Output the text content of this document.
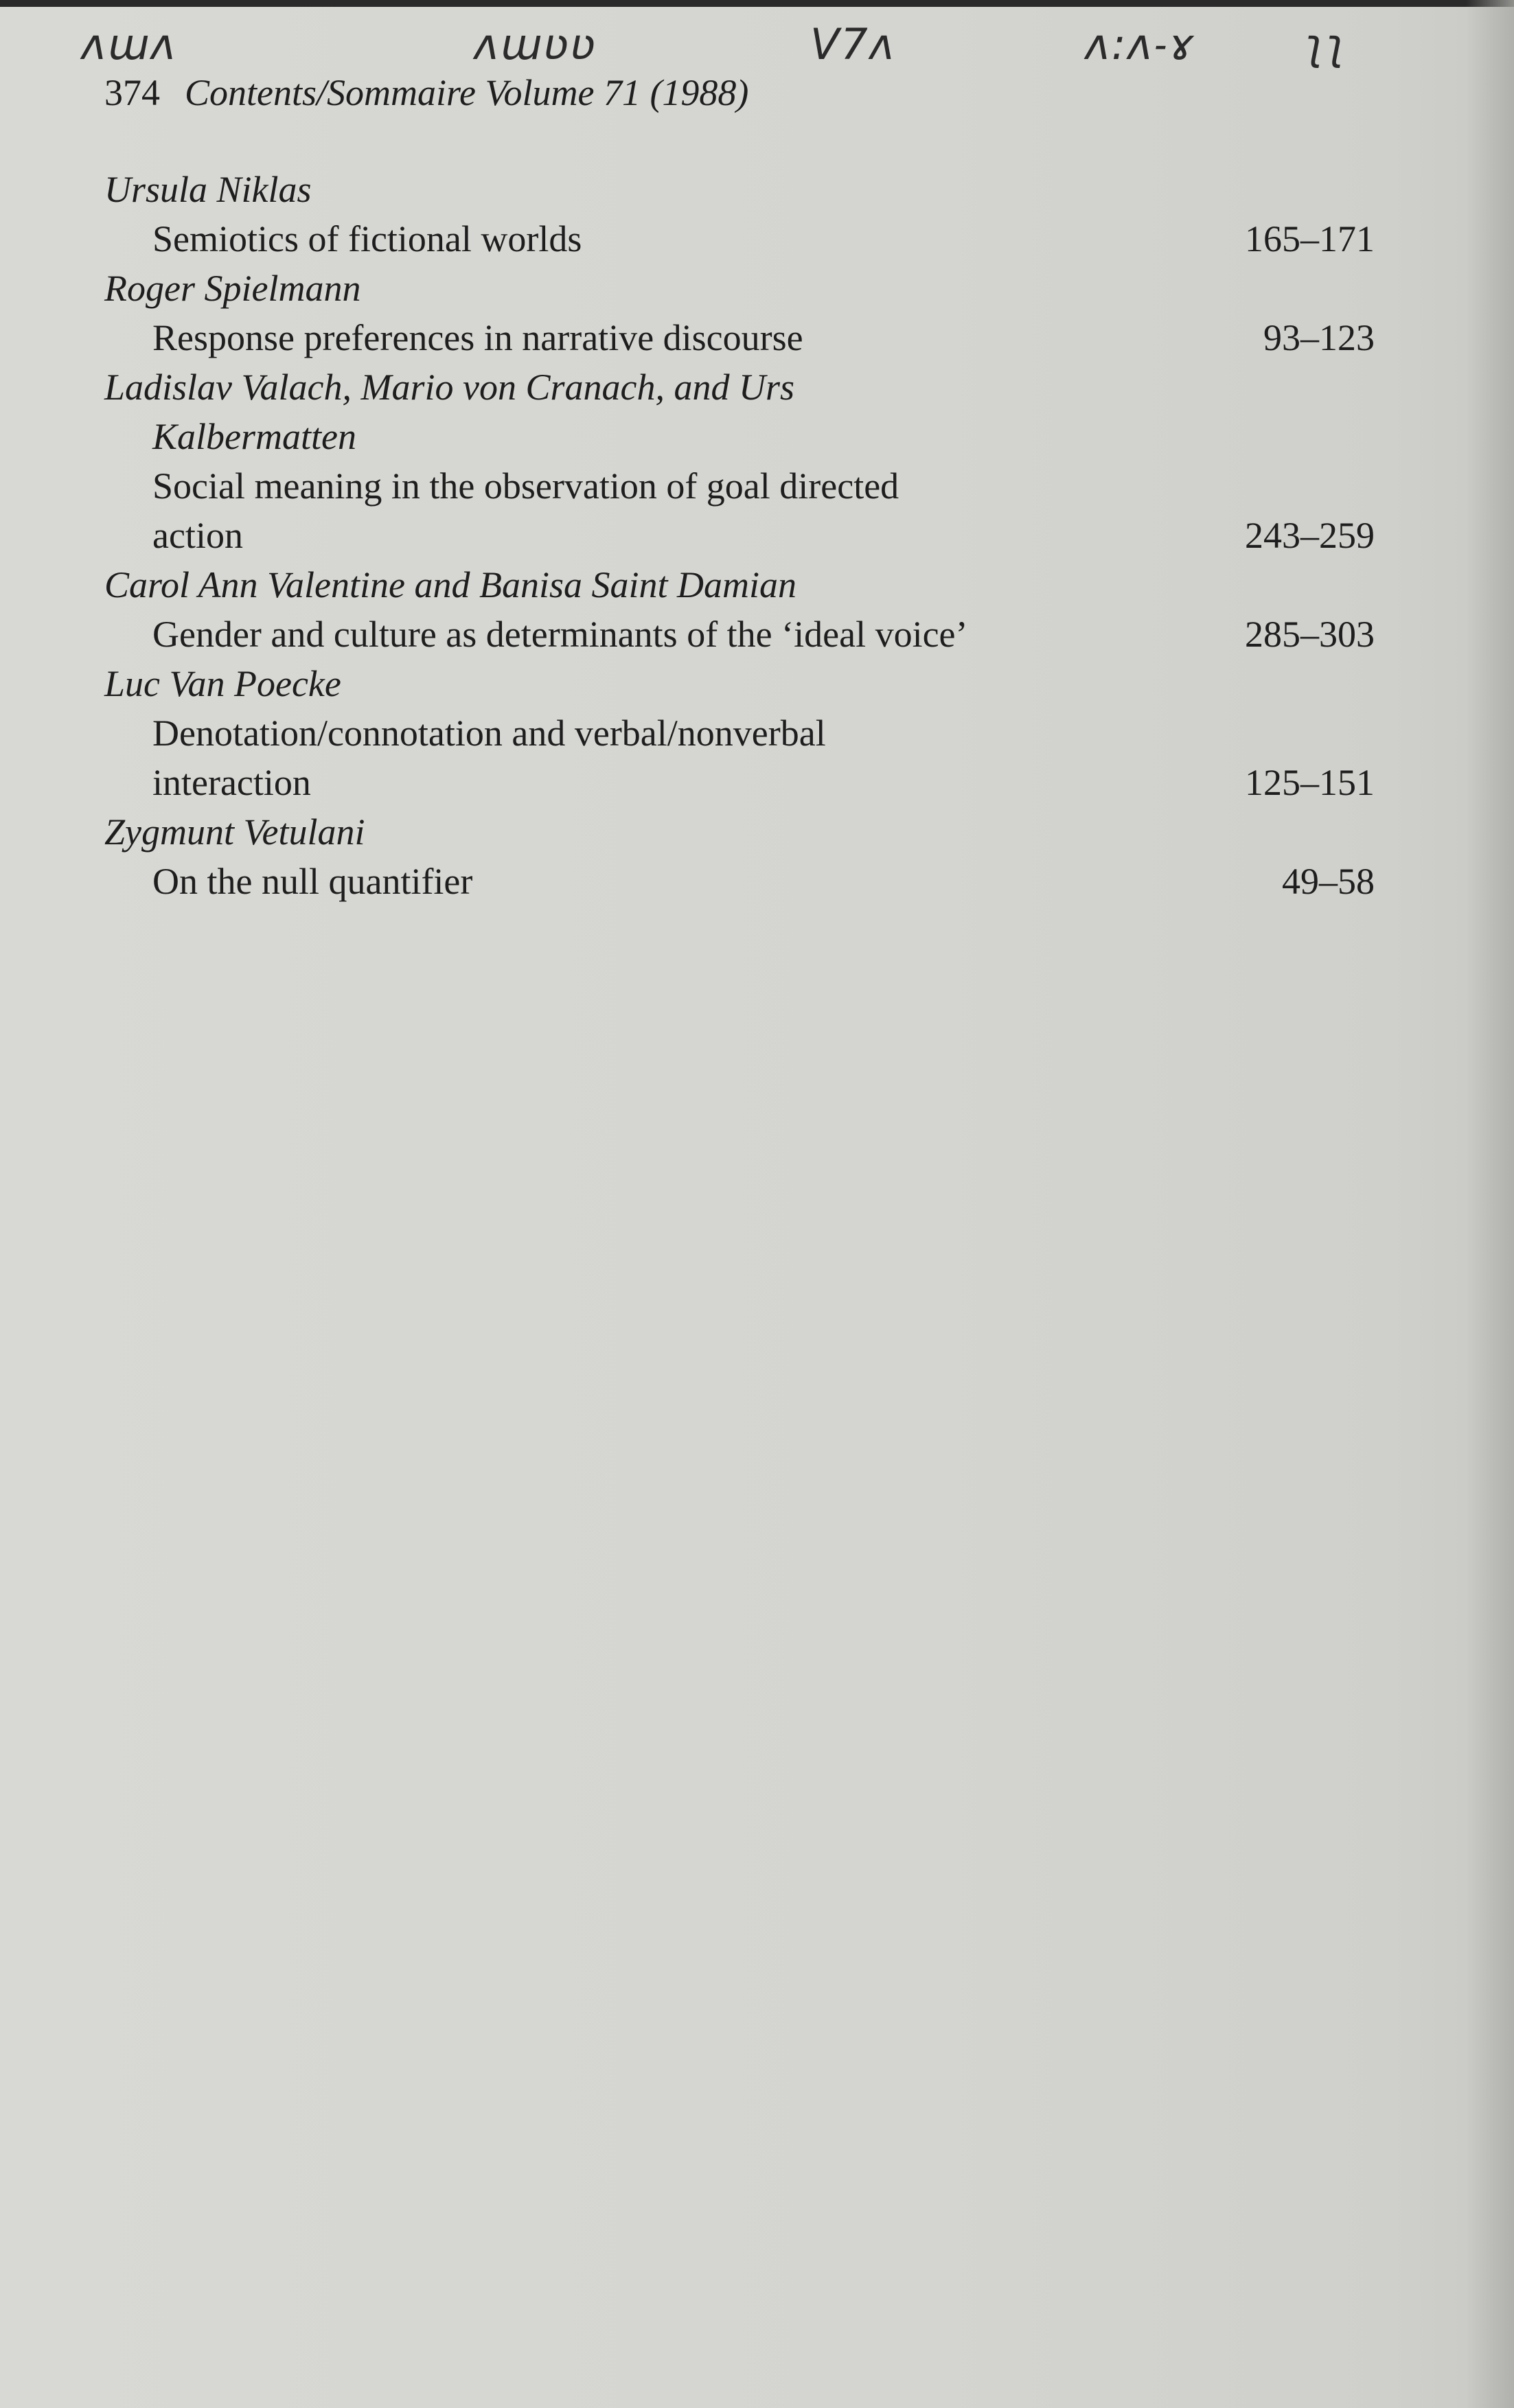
ʌɯʌ	ʌɯʋʋ	V7ʌ	ʌ:ʌ˗ɤ	ʅʅ
374 Contents/Sommaire Volume 71 (1988)
Ursula Niklas
Semiotics of fictional worlds	165–171
Roger Spielmann
Response preferences in narrative discourse	93–123
Ladislav Valach, Mario von Cranach, and Urs
Kalbermatten
Social meaning in the observation of goal directed
action	243–259
Carol Ann Valentine and Banisa Saint Damian
Gender and culture as determinants of the ‘ideal voice’	285–303
Luc Van Poecke
Denotation/connotation and verbal/nonverbal
interaction	125–151
Zygmunt Vetulani
On the null quantifier	49–58
